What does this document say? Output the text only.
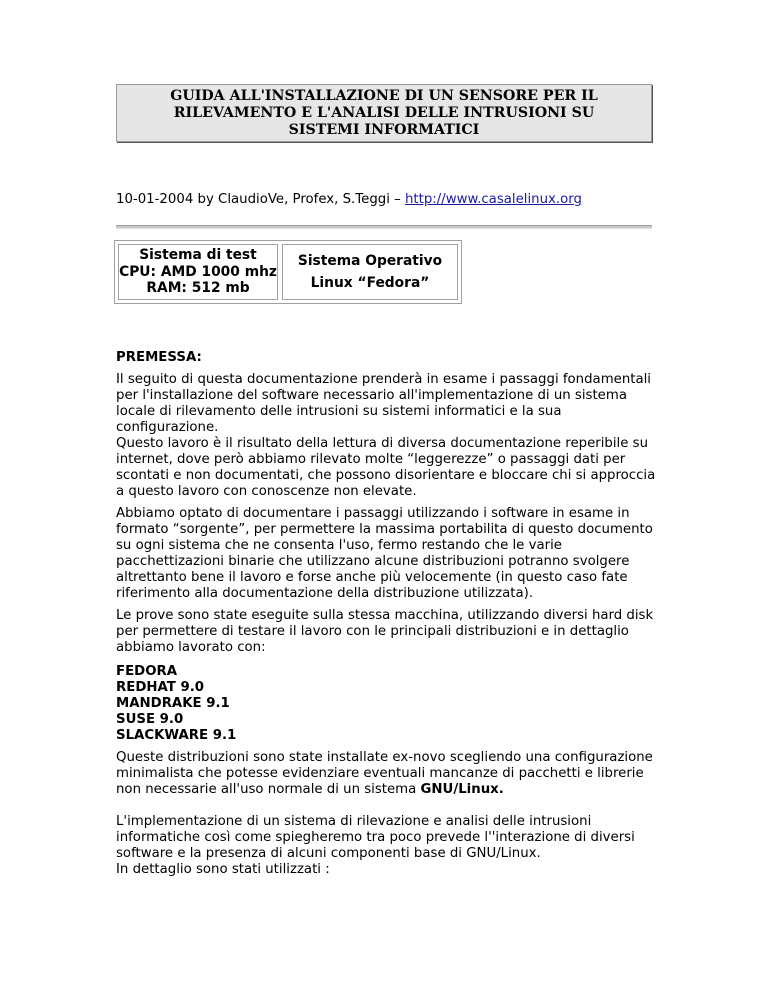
GUIDA ALL'INSTALLAZIONE DI UN SENSORE PER IL
RILEVAMENTO E L'ANALISI DELLE INTRUSIONI SU
SISTEMI INFORMATICI
10-01-2004 by ClaudioVe, Profex, S.Teggi – http://www.casalelinux.org
Sistema di test
CPU: AMD 1000 mhz
RAM: 512 mb
Sistema Operativo
Linux “Fedora”
PREMESSA:

Il seguito di questa documentazione prenderà in esame i passaggi fondamentali per l'installazione del software necessario all'implementazione di un sistema locale di rilevamento delle intrusioni su sistemi informatici e la sua configurazione.
Questo lavoro è il risultato della lettura di diversa documentazione reperibile su internet, dove però abbiamo rilevato molte “leggerezze” o passaggi dati per scontati e non documentati, che possono disorientare e bloccare chi si approccia a questo lavoro con conoscenze non elevate.

Abbiamo optato di documentare i passaggi utilizzando i software in esame in formato “sorgente”, per permettere la massima portabilita di questo documento su ogni sistema che ne consenta l'uso, fermo restando che le varie pacchettizazioni binarie che utilizzano alcune distribuzioni potranno svolgere altrettanto bene il lavoro e forse anche più velocemente (in questo caso fate riferimento alla documentazione della distribuzione utilizzata).

Le prove sono state eseguite sulla stessa macchina, utilizzando diversi hard disk per permettere di testare il lavoro con le principali distribuzioni e in dettaglio abbiamo lavorato con:

FEDORA
REDHAT 9.0
MANDRAKE 9.1
SUSE 9.0
SLACKWARE 9.1

Queste distribuzioni sono state installate ex-novo scegliendo una configurazione minimalista che potesse evidenziare eventuali mancanze di pacchetti e librerie non necessarie all'uso normale di un sistema GNU/Linux.

L'implementazione di un sistema di rilevazione e analisi delle intrusioni informatiche così come spiegheremo tra poco prevede l''interazione di diversi software e la presenza di alcuni componenti base di GNU/Linux.
In dettaglio sono stati utilizzati :
